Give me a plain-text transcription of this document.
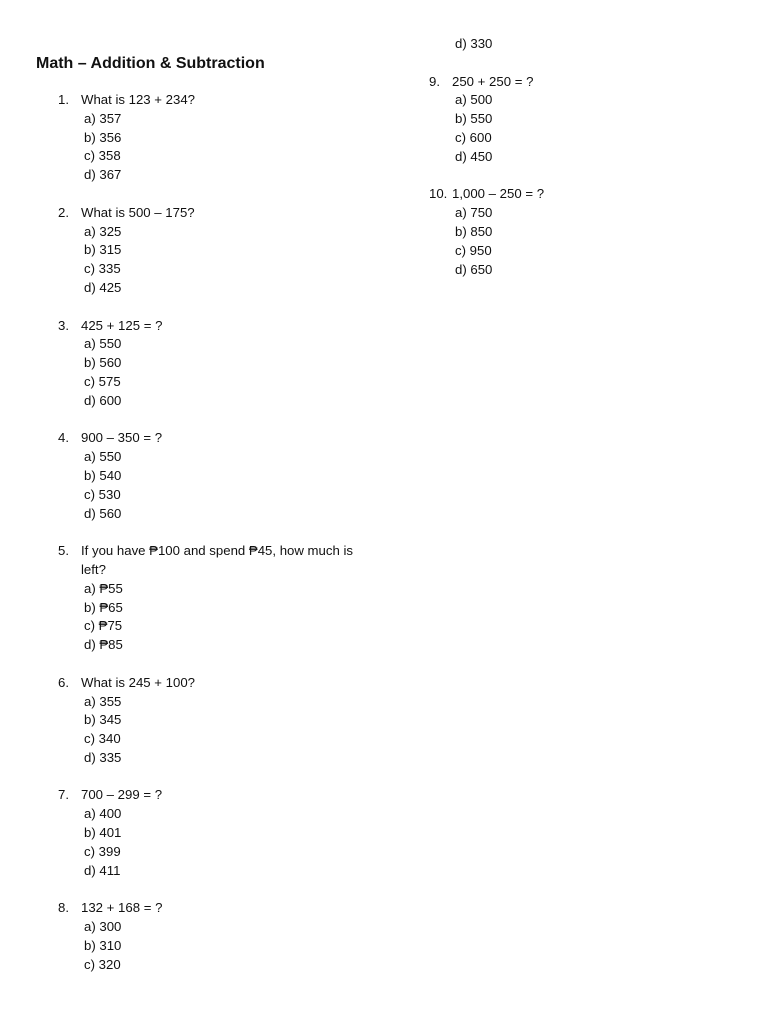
Math – Addition & Subtraction
1. What is 123 + 234?
a) 357
b) 356
c) 358
d) 367
2. What is 500 – 175?
a) 325
b) 315
c) 335
d) 425
3. 425 + 125 = ?
a) 550
b) 560
c) 575
d) 600
4. 900 – 350 = ?
a) 550
b) 540
c) 530
d) 560
5. If you have ₱100 and spend ₱45, how much is left?
a) ₱55
b) ₱65
c) ₱75
d) ₱85
6. What is 245 + 100?
a) 355
b) 345
c) 340
d) 335
7. 700 – 299 = ?
a) 400
b) 401
c) 399
d) 411
8. 132 + 168 = ?
a) 300
b) 310
c) 320
d) 330
9. 250 + 250 = ?
a) 500
b) 550
c) 600
d) 450
10. 1,000 – 250 = ?
a) 750
b) 850
c) 950
d) 650
